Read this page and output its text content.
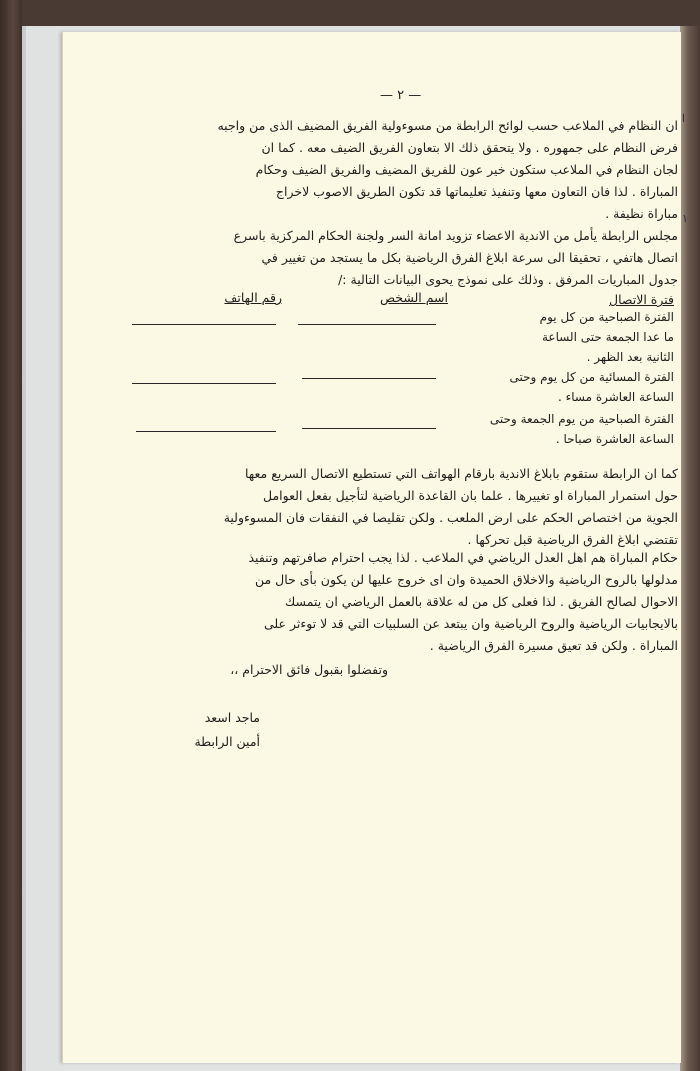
ا
١
— ٢ —
ان النظام في الملاعب حسب لوائح الرابطة من مسوءولية الفريق المضيف الذى من واجبه
فرض النظام على جمهوره . ولا يتحقق ذلك الا بتعاون الفريق الضيف معه . كما ان
لجان النظام في الملاعب ستكون خير عون للفريق المضيف والفريق الضيف وحكام
المباراة . لذا فان التعاون معها وتنفيذ تعليماتها قد تكون الطريق الاصوب لاخراج
مباراة نظيفة .
مجلس الرابطة يأمل من الاندية الاعضاء تزويد امانة السر ولجنة الحكام المركزية باسرع
اتصال هاتفي ، تحقيقا الى سرعة ابلاغ الفرق الرياضية بكل ما يستجد من تغيير في
جدول المباريات المرفق . وذلك على نموذج يحوى البيانات التالية :/
فترة الاتصال
اسم الشخص
رقم الهاتف
الفترة الصباحية من كل يوم
ما عدا الجمعة حتى الساعة
الثانية بعد الظهر .
الفترة المسائية من كل يوم وحتى
الساعة العاشرة مساء .
الفترة الصباحية من يوم الجمعة وحتى
الساعة العاشرة صباحا .
كما ان الرابطة ستقوم بابلاغ الاندية بارقام الهواتف التي تستطيع الاتصال السريع معها
حول استمرار المباراة او تغييرها . علما بان القاعدة الرياضية لتأجيل بفعل العوامل
الجوية من اختصاص الحكم على ارض الملعب . ولكن تقليصا في النفقات فان المسوءولية
تقتضي ابلاغ الفرق الرياضية قبل تحركها .
حكام المباراة هم اهل العدل الرياضي في الملاعب . لذا يجب احترام صافرتهم وتنفيذ
مدلولها بالروح الرياضية والاخلاق الحميدة وان اى خروج عليها لن يكون بأى حال من
الاحوال لصالح الفريق . لذا فعلى كل من له علاقة بالعمل الرياضي ان يتمسك
بالايجابيات الرياضية والروح الرياضية وان يبتعد عن السلبيات التي قد لا توءثر على
المباراة . ولكن قد تعيق مسيرة الفرق الرياضية .
وتفضلوا بقبول فائق الاحترام ،،
ماجد اسعد
أمين الرابطة
